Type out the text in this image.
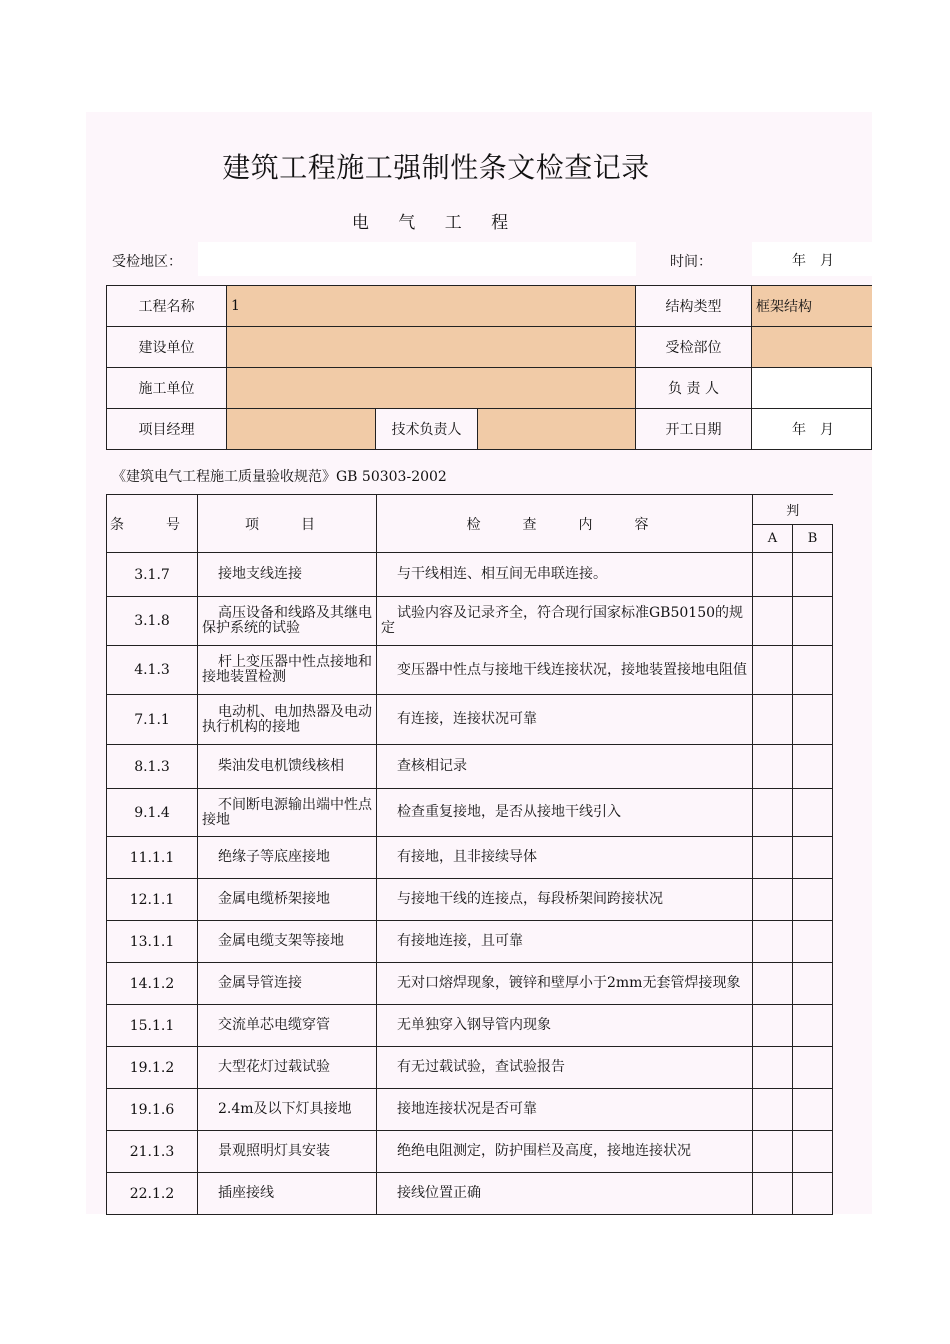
建筑工程施工强制性条文检查记录
电 气 工 程
受检地区：	时间：	年　月
工程名称	1			结构类型	框架结构
建设单位				受检部位	
施工单位				负 责 人	
项目经理		技术负责人		开工日期	年　月
《建筑电气工程施工质量验收规范》GB 50303-2002
条　号	项　目	检　查　内　容	判	
			A	B
3.1.7	接地支线连接	与干线相连、相互间无串联连接。		
3.1.8	高压设备和线路及其继电保护系统的试验	试验内容及记录齐全，符合现行国家标准GB50150的规定		
4.1.3	杆上变压器中性点接地和接地装置检测	变压器中性点与接地干线连接状况，接地装置接地电阻值		
7.1.1	电动机、电加热器及电动执行机构的接地	有连接，连接状况可靠		
8.1.3	柴油发电机馈线核相	查核相记录		
9.1.4	不间断电源输出端中性点接地	检查重复接地，是否从接地干线引入		
11.1.1	绝缘子等底座接地	有接地，且非接续导体		
12.1.1	金属电缆桥架接地	与接地干线的连接点，每段桥架间跨接状况		
13.1.1	金属电缆支架等接地	有接地连接，且可靠		
14.1.2	金属导管连接	无对口熔焊现象，镀锌和壁厚小于2mm无套管焊接现象		
15.1.1	交流单芯电缆穿管	无单独穿入钢导管内现象		
19.1.2	大型花灯过载试验	有无过载试验，查试验报告		
19.1.6	2.4m及以下灯具接地	接地连接状况是否可靠		
21.1.3	景观照明灯具安装	绝绝电阻测定，防护围栏及高度，接地连接状况		
22.1.2	插座接线	接线位置正确		
